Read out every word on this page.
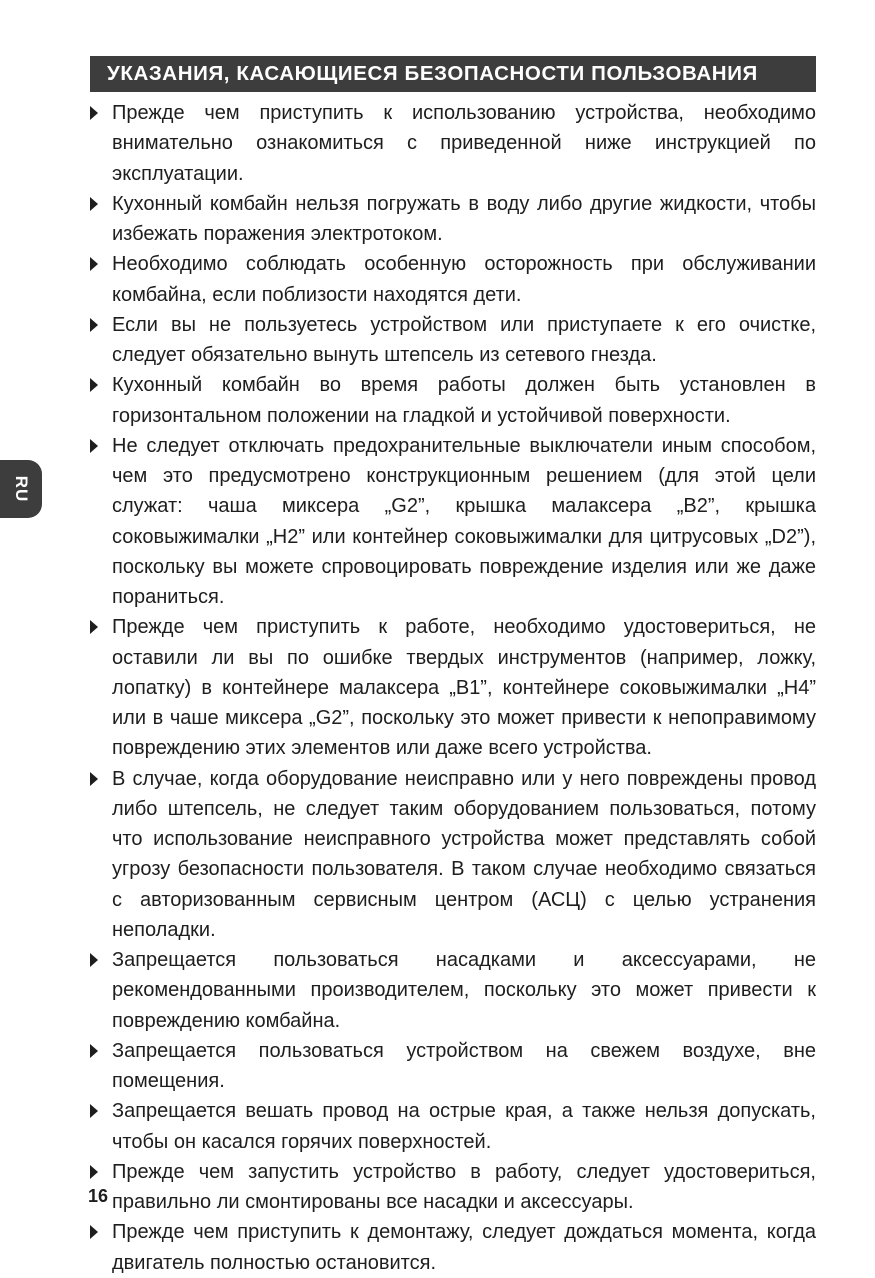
УКАЗАНИЯ, КАСАЮЩИЕСЯ БЕЗОПАСНОСТИ ПОЛЬЗОВАНИЯ
Прежде чем приступить к использованию устройства, необходимо внимательно ознакомиться с приведенной ниже инструкцией по эксплуатации.
Кухонный комбайн нельзя погружать в воду либо другие жидкости, чтобы избежать поражения электротоком.
Необходимо соблюдать особенную осторожность при обслуживании комбайна, если поблизости находятся дети.
Если вы не пользуетесь устройством или приступаете к его очистке, следует обязательно вынуть штепсель из сетевого гнезда.
Кухонный комбайн во время работы должен быть установлен в горизонтальном положении на гладкой и устойчивой поверхности.
Не следует отключать предохранительные выключатели иным способом, чем это предусмотрено конструкционным решением (для этой цели служат: чаша миксера „G2”, крышка малаксера „B2”, крышка соковыжималки „H2” или контейнер соковыжималки для цитрусовых „D2”), поскольку вы можете спровоцировать повреждение изделия или же даже пораниться.
Прежде чем приступить к работе, необходимо удостовериться, не оставили ли вы по ошибке твердых инструментов (например, ложку, лопатку) в контейнере малаксера „B1”, контейнере соковыжималки „H4” или в чаше миксера „G2”, поскольку это может привести к непоправимому повреждению этих элементов или даже всего устройства.
В случае, когда оборудование неисправно или у него повреждены провод либо штепсель, не следует таким оборудованием пользоваться, потому что использование неисправного устройства может представлять собой угрозу безопасности пользователя. В таком случае необходимо связаться с авторизованным сервисным центром (АСЦ) с целью устранения неполадки.
Запрещается пользоваться насадками и аксессуарами, не рекомендованными производителем, поскольку это может привести к повреждению комбайна.
Запрещается пользоваться устройством на свежем воздухе, вне помещения.
Запрещается вешать провод на острые края, а также нельзя допускать, чтобы он касался горячих поверхностей.
Прежде чем запустить устройство в работу, следует удостовериться, правильно ли смонтированы все насадки и аксессуары.
Прежде чем приступить к демонтажу, следует дождаться момента, когда двигатель полностью остановится.
RU
16
